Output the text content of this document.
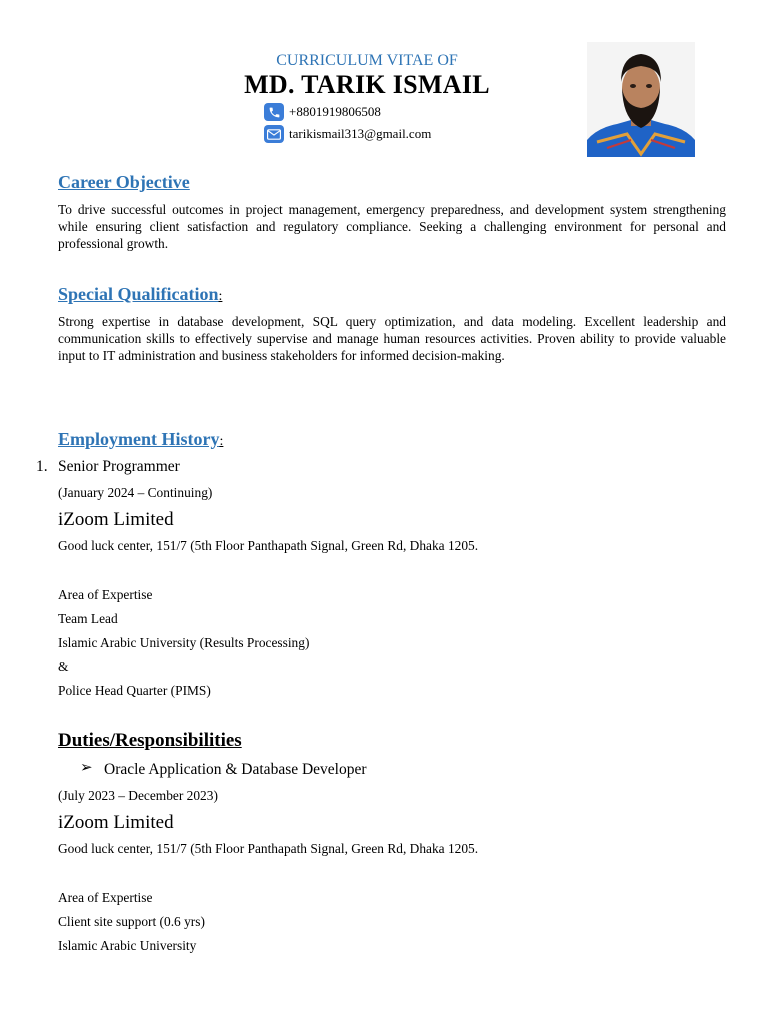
CURRICULUM VITAE OF
MD. TARIK ISMAIL
+8801919806508
tarikismail313@gmail.com
Career Objective
To drive successful outcomes in project management, emergency preparedness, and development system strengthening while ensuring client satisfaction and regulatory compliance. Seeking a challenging environment for personal and professional growth.
Special Qualification:
Strong expertise in database development, SQL query optimization, and data modeling. Excellent leadership and communication skills to effectively supervise and manage human resources activities. Proven ability to provide valuable input to IT administration and business stakeholders for informed decision-making.
Employment History:
1. Senior Programmer
(January 2024 – Continuing)
iZoom Limited
Good luck center, 151/7 (5th Floor Panthapath Signal, Green Rd, Dhaka 1205.
Area of Expertise
Team Lead
Islamic Arabic University (Results Processing)
&
Police Head Quarter (PIMS)
Duties/Responsibilities
➢ Oracle Application & Database Developer
(July 2023 – December 2023)
iZoom Limited
Good luck center, 151/7 (5th Floor Panthapath Signal, Green Rd, Dhaka 1205.
Area of Expertise
Client site support (0.6 yrs)
Islamic Arabic University
